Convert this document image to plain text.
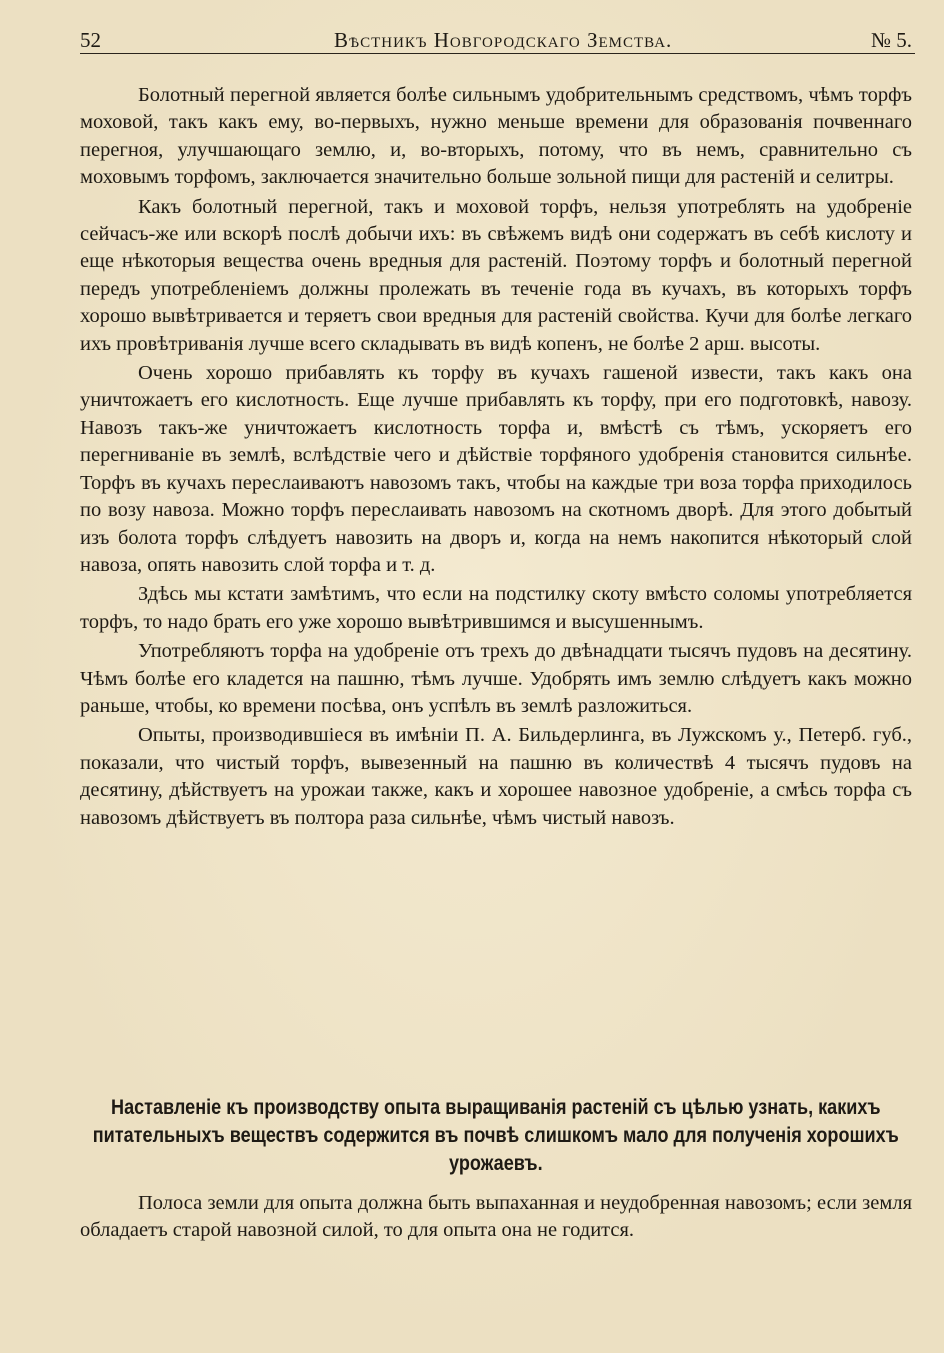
52	Вѣстникъ Новгородскаго Земства.	№ 5.

Болотный перегной является болѣе сильнымъ удобрительнымъ средствомъ, чѣмъ торфъ моховой, такъ какъ ему, во-первыхъ, нужно меньше времени для образованія почвеннаго перегноя, улучшающаго землю, и, во-вторыхъ, потому, что въ немъ, сравнительно съ моховымъ торфомъ, заключается значительно больше зольной пищи для растеній и селитры.

Какъ болотный перегной, такъ и моховой торфъ, нельзя употреблять на удобреніе сейчасъ-же или вскорѣ послѣ добычи ихъ: въ свѣжемъ видѣ они содержатъ въ себѣ кислоту и еще нѣкоторыя вещества очень вредныя для растеній. Поэтому торфъ и болотный перегной передъ употребленіемъ должны пролежать въ теченіе года въ кучахъ, въ которыхъ торфъ хорошо вывѣтривается и теряетъ свои вредныя для растеній свойства. Кучи для болѣе легкаго ихъ провѣтриванія лучше всего складывать въ видѣ копенъ, не болѣе 2 арш. высоты.

Очень хорошо прибавлять къ торфу въ кучахъ гашеной извести, такъ какъ она уничтожаетъ его кислотность. Еще лучше прибавлять къ торфу, при его подготовкѣ, навозу. Навозъ такъ-же уничтожаетъ кислотность торфа и, вмѣстѣ съ тѣмъ, ускоряетъ его перегниваніе въ землѣ, вслѣдствіе чего и дѣйствіе торфяного удобренія становится сильнѣе. Торфъ въ кучахъ переслаиваютъ навозомъ такъ, чтобы на каждые три воза торфа приходилось по возу навоза. Можно торфъ переслаивать навозомъ на скотномъ дворѣ. Для этого добытый изъ болота торфъ слѣдуетъ навозить на дворъ и, когда на немъ накопится нѣкоторый слой навоза, опять навозить слой торфа и т. д.

Здѣсь мы кстати замѣтимъ, что если на подстилку скоту вмѣсто соломы употребляется торфъ, то надо брать его уже хорошо вывѣтрившимся и высушеннымъ.

Употребляютъ торфа на удобреніе отъ трехъ до двѣнадцати тысячъ пудовъ на десятину. Чѣмъ болѣе его кладется на пашню, тѣмъ лучше. Удобрять имъ землю слѣдуетъ какъ можно раньше, чтобы, ко времени посѣва, онъ успѣлъ въ землѣ разложиться.

Опыты, производившіеся въ имѣніи П. А. Бильдерлинга, въ Лужскомъ у., Петерб. губ., показали, что чистый торфъ, вывезенный на пашню въ количествѣ 4 тысячъ пудовъ на десятину, дѣйствуетъ на урожаи также, какъ и хорошее навозное удобреніе, а смѣсь торфа съ навозомъ дѣйствуетъ въ полтора раза сильнѣе, чѣмъ чистый навозъ.

Наставленіе къ производству опыта выращиванія растеній съ цѣлью узнать, какихъ питательныхъ веществъ содержится въ почвѣ слишкомъ мало для полученія хорошихъ урожаевъ.

Полоса земли для опыта должна быть выпаханная и неудобренная навозомъ; если земля обладаетъ старой навозной силой, то для опыта она не годится.
